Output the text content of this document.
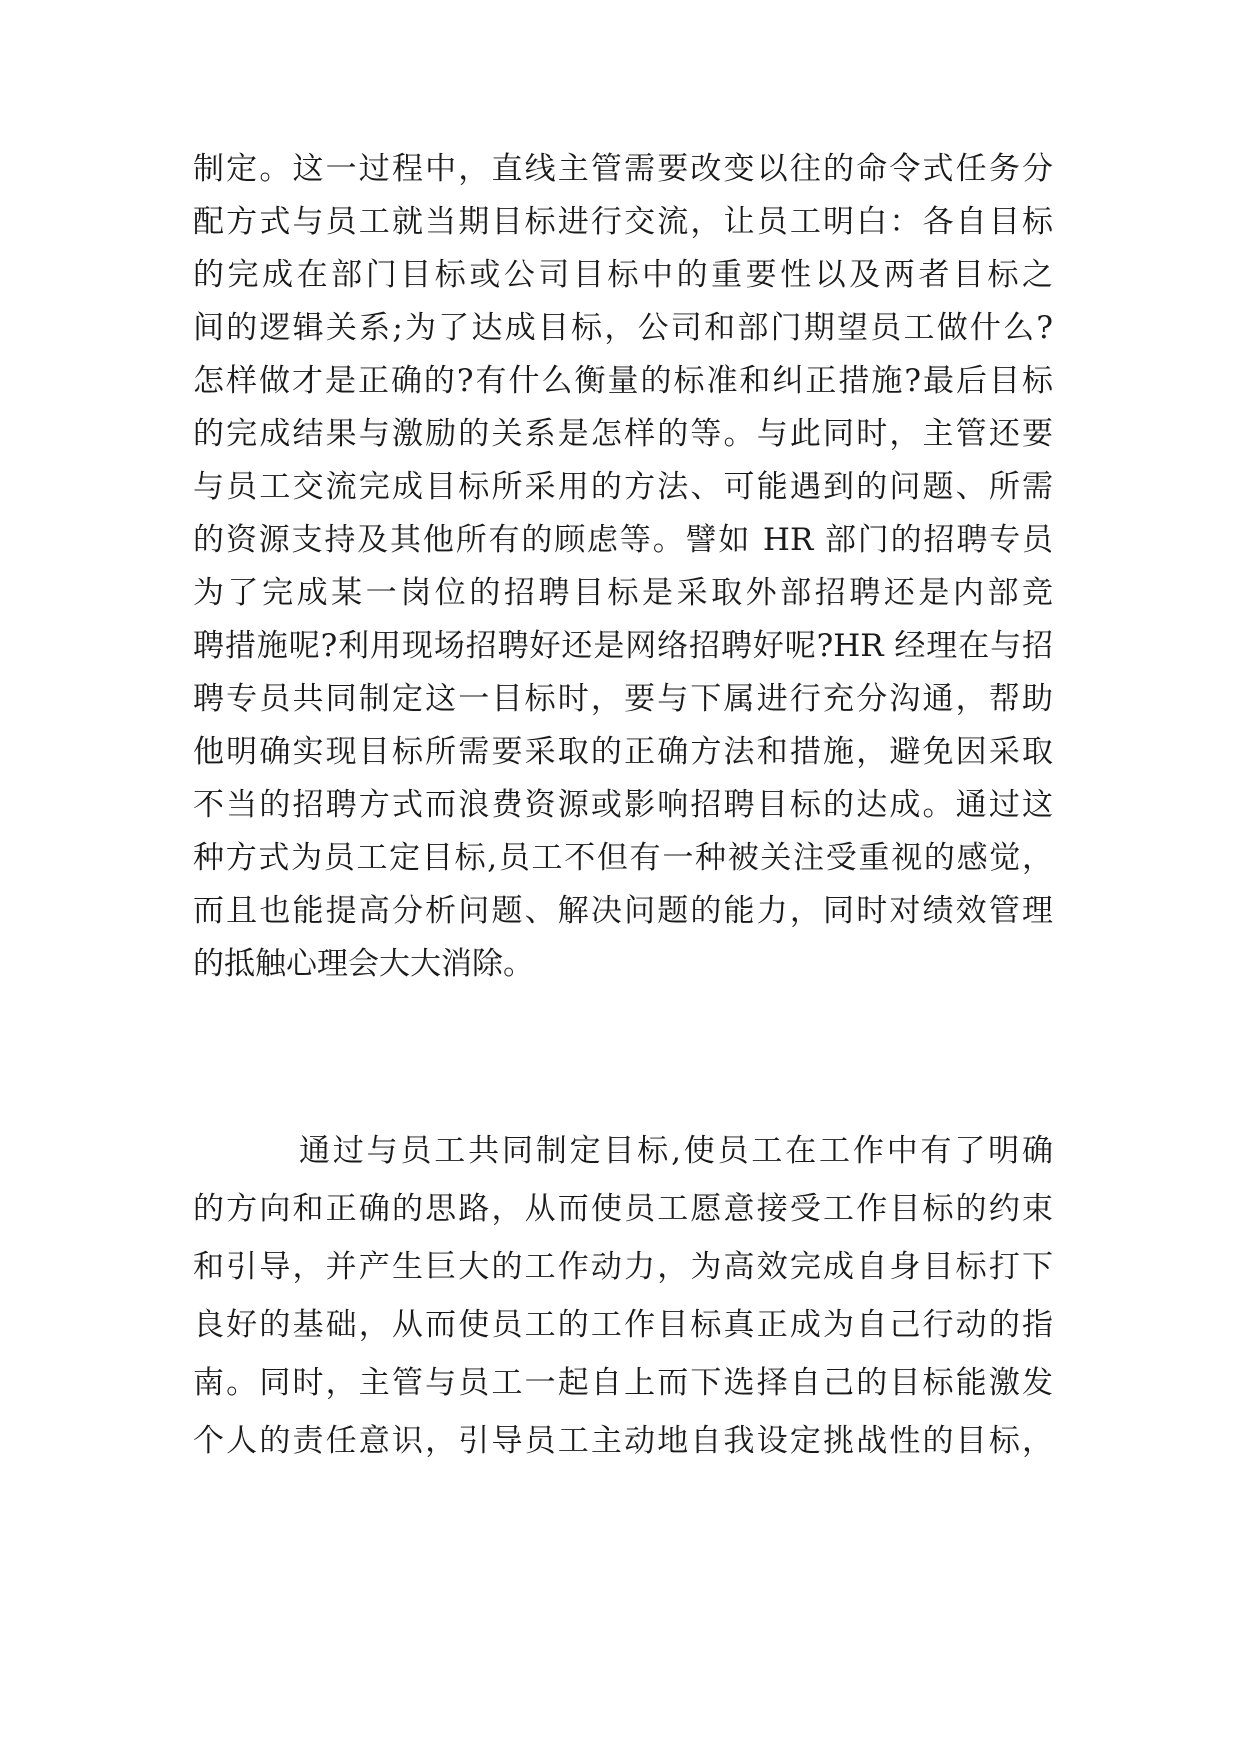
制定。这一过程中，直线主管需要改变以往的命令式任务分
配方式与员工就当期目标进行交流，让员工明白：各自目标
的完成在部门目标或公司目标中的重要性以及两者目标之
间的逻辑关系;为了达成目标，公司和部门期望员工做什么?
怎样做才是正确的?有什么衡量的标准和纠正措施?最后目标
的完成结果与激励的关系是怎样的等。与此同时，主管还要
与员工交流完成目标所采用的方法、可能遇到的问题、所需
的资源支持及其他所有的顾虑等。譬如 HR 部门的招聘专员
为了完成某一岗位的招聘目标是采取外部招聘还是内部竞
聘措施呢?利用现场招聘好还是网络招聘好呢?HR 经理在与招
聘专员共同制定这一目标时，要与下属进行充分沟通，帮助
他明确实现目标所需要采取的正确方法和措施，避免因采取
不当的招聘方式而浪费资源或影响招聘目标的达成。通过这
种方式为员工定目标,员工不但有一种被关注受重视的感觉，
而且也能提高分析问题、解决问题的能力，同时对绩效管理
的抵触心理会大大消除。
通过与员工共同制定目标,使员工在工作中有了明确
的方向和正确的思路，从而使员工愿意接受工作目标的约束
和引导，并产生巨大的工作动力，为高效完成自身目标打下
良好的基础，从而使员工的工作目标真正成为自己行动的指
南。同时，主管与员工一起自上而下选择自己的目标能激发
个人的责任意识，引导员工主动地自我设定挑战性的目标，
